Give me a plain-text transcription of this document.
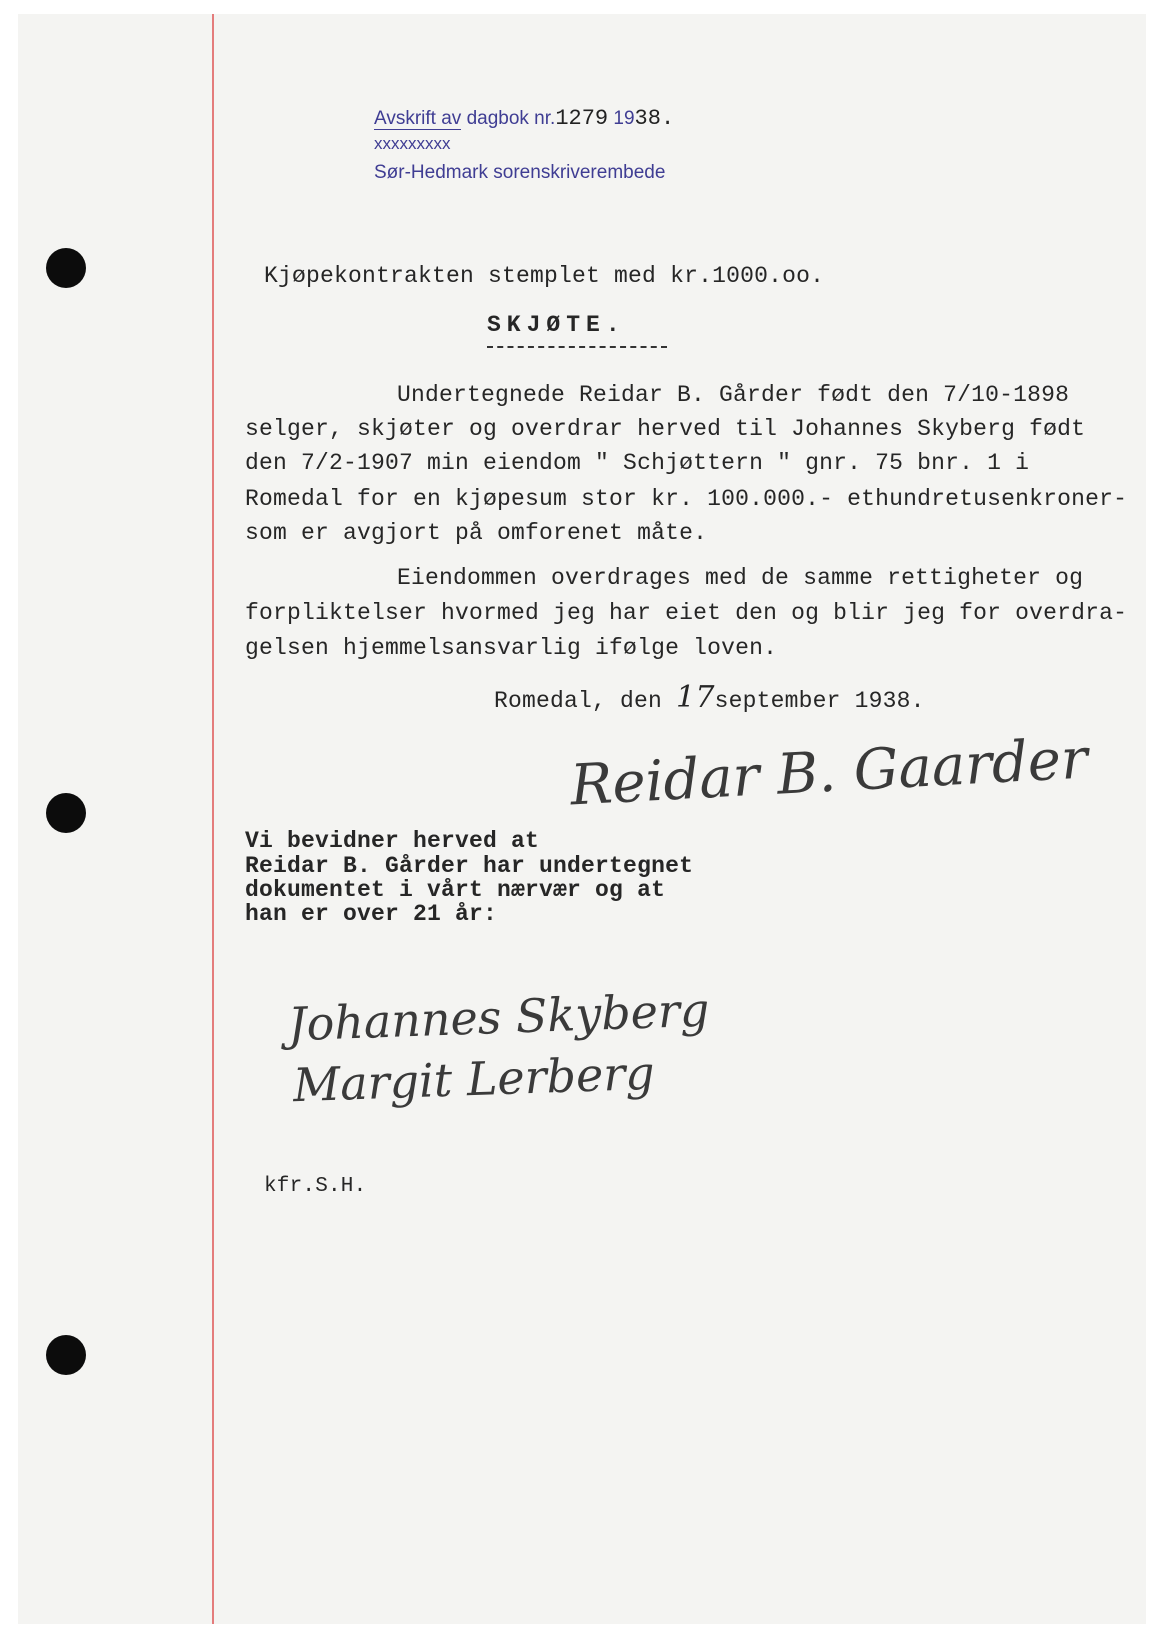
Avskrift av dagbok nr.1279 1938.
xxxxxxxxx
Sør-Hedmark sorenskriverembede
Kjøpekontrakten stemplet med kr.1000.oo.
SKJØTE.
Undertegnede Reidar B. Gårder født den 7/10-1898
selger, skjøter og overdrar herved til Johannes Skyberg født
den 7/2-1907 min eiendom " Schjøttern " gnr. 75 bnr. 1 i
Romedal for en kjøpesum stor kr. 100.000.- ethundretusenkroner-
som er avgjort på omforenet måte.
Eiendommen overdrages med de samme rettigheter og
forpliktelser hvormed jeg har eiet den og blir jeg for overdra-
gelsen hjemmelsansvarlig ifølge loven.
Romedal, den 17september 1938.
Reidar B. Gaarder
Vi bevidner herved at
Reidar B. Gårder har undertegnet
dokumentet i vårt nærvær og at
han er over 21 år:
Johannes Skyberg
Margit Lerberg
kfr.S.H.
